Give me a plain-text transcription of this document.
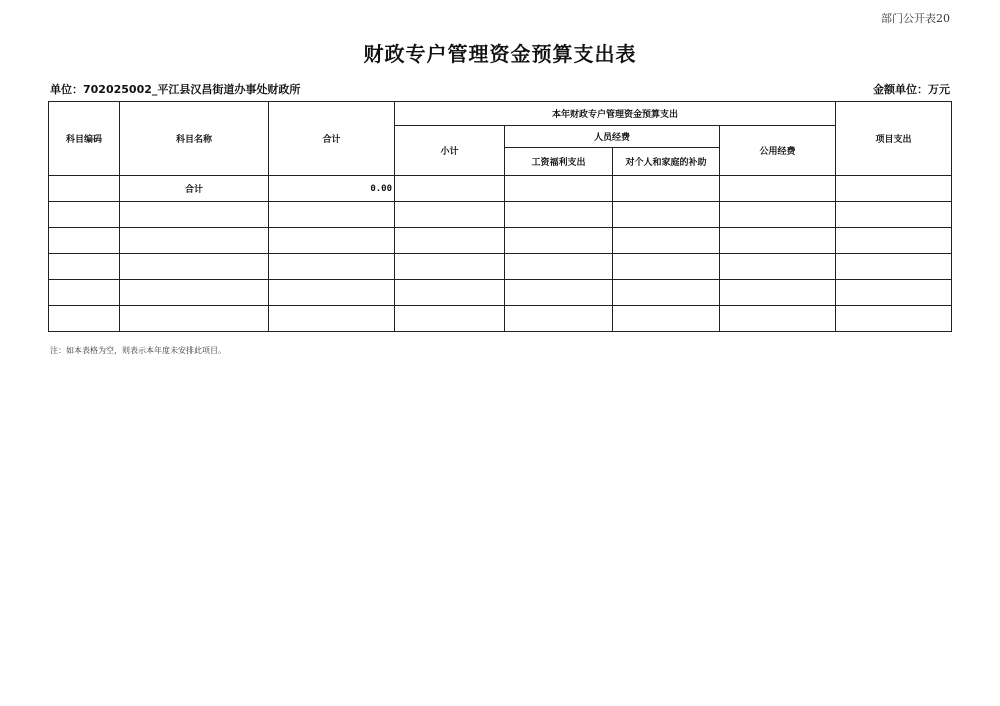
部门公开表20
财政专户管理资金预算支出表
单位：702025002_平江县汉昌街道办事处财政所	金额单位：万元
科目编码	科目名称	合计	本年财政专户管理资金预算支出				项目支出
			小计	人员经费		公用经费	
				工资福利支出	对个人和家庭的补助		
	合计	0.00					

注：如本表格为空，则表示本年度未安排此项目。
